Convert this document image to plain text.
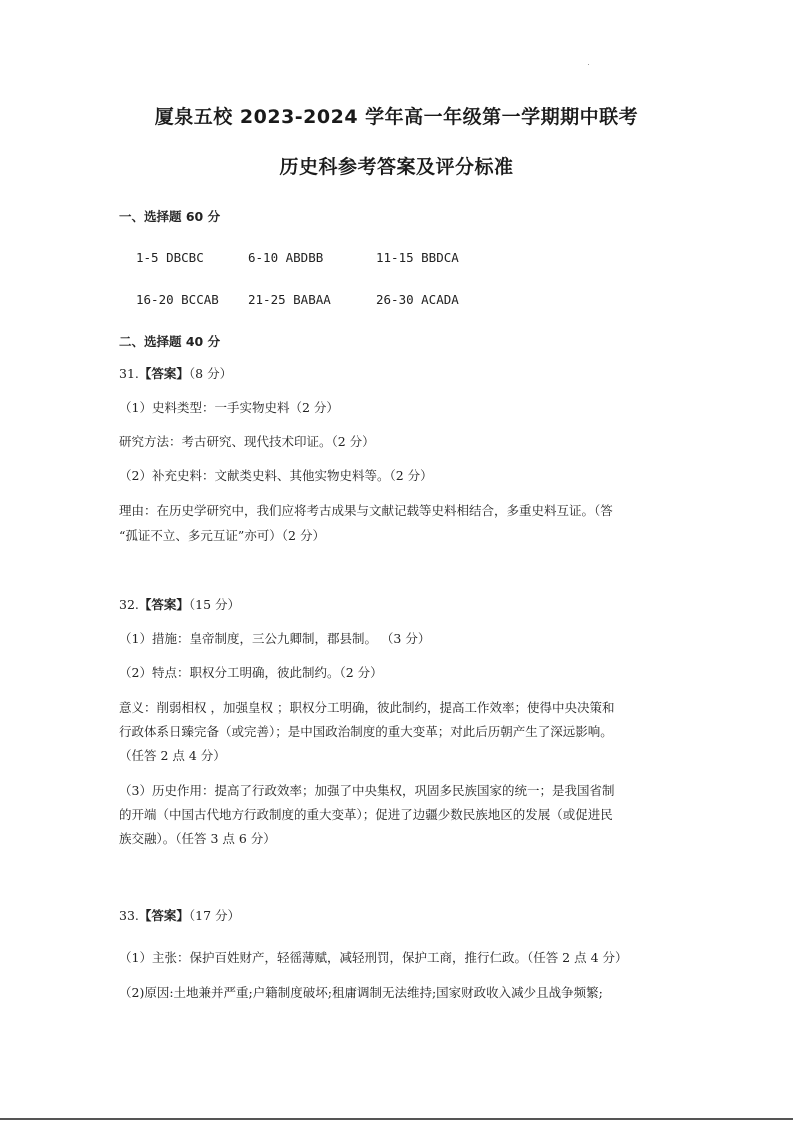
厦泉五校 2023-2024 学年高一年级第一学期期中联考
历史科参考答案及评分标准
一、选择题 60 分
1-5 DBCBC	6-10 ABDBB	11-15 BBDCA
16-20 BCCAB 21-25 BABAA	26-30 ACADA
二、选择题 40 分
31.【答案】（8 分）
（1）史料类型：一手实物史料（2 分）
研究方法：考古研究、现代技术印证。（2 分）
（2）补充史料：文献类史料、其他实物史料等。（2 分）
理由：在历史学研究中，我们应将考古成果与文献记载等史料相结合，多重史料互证。（答
“孤证不立、多元互证”亦可）（2 分）
32.【答案】（15 分）
（1）措施：皇帝制度，三公九卿制，郡县制。 （3 分）
（2）特点：职权分工明确，彼此制约。（2 分）
意义：削弱相权 ，加强皇权 ；职权分工明确，彼此制约，提高工作效率；使得中央决策和
行政体系日臻完备（或完善）；是中国政治制度的重大变革；对此后历朝产生了深远影响。
（任答 2 点 4 分）
（3）历史作用：提高了行政效率；加强了中央集权，巩固多民族国家的统一；是我国省制
的开端（中国古代地方行政制度的重大变革）；促进了边疆少数民族地区的发展（或促进民
族交融）。（任答 3 点 6 分）
33.【答案】（17 分）
（1）主张：保护百姓财产，轻徭薄赋，减轻刑罚，保护工商，推行仁政。（任答 2 点 4 分）
（2)原因:土地兼并严重;户籍制度破坏;租庸调制无法维持;国家财政收入减少且战争频繁;
